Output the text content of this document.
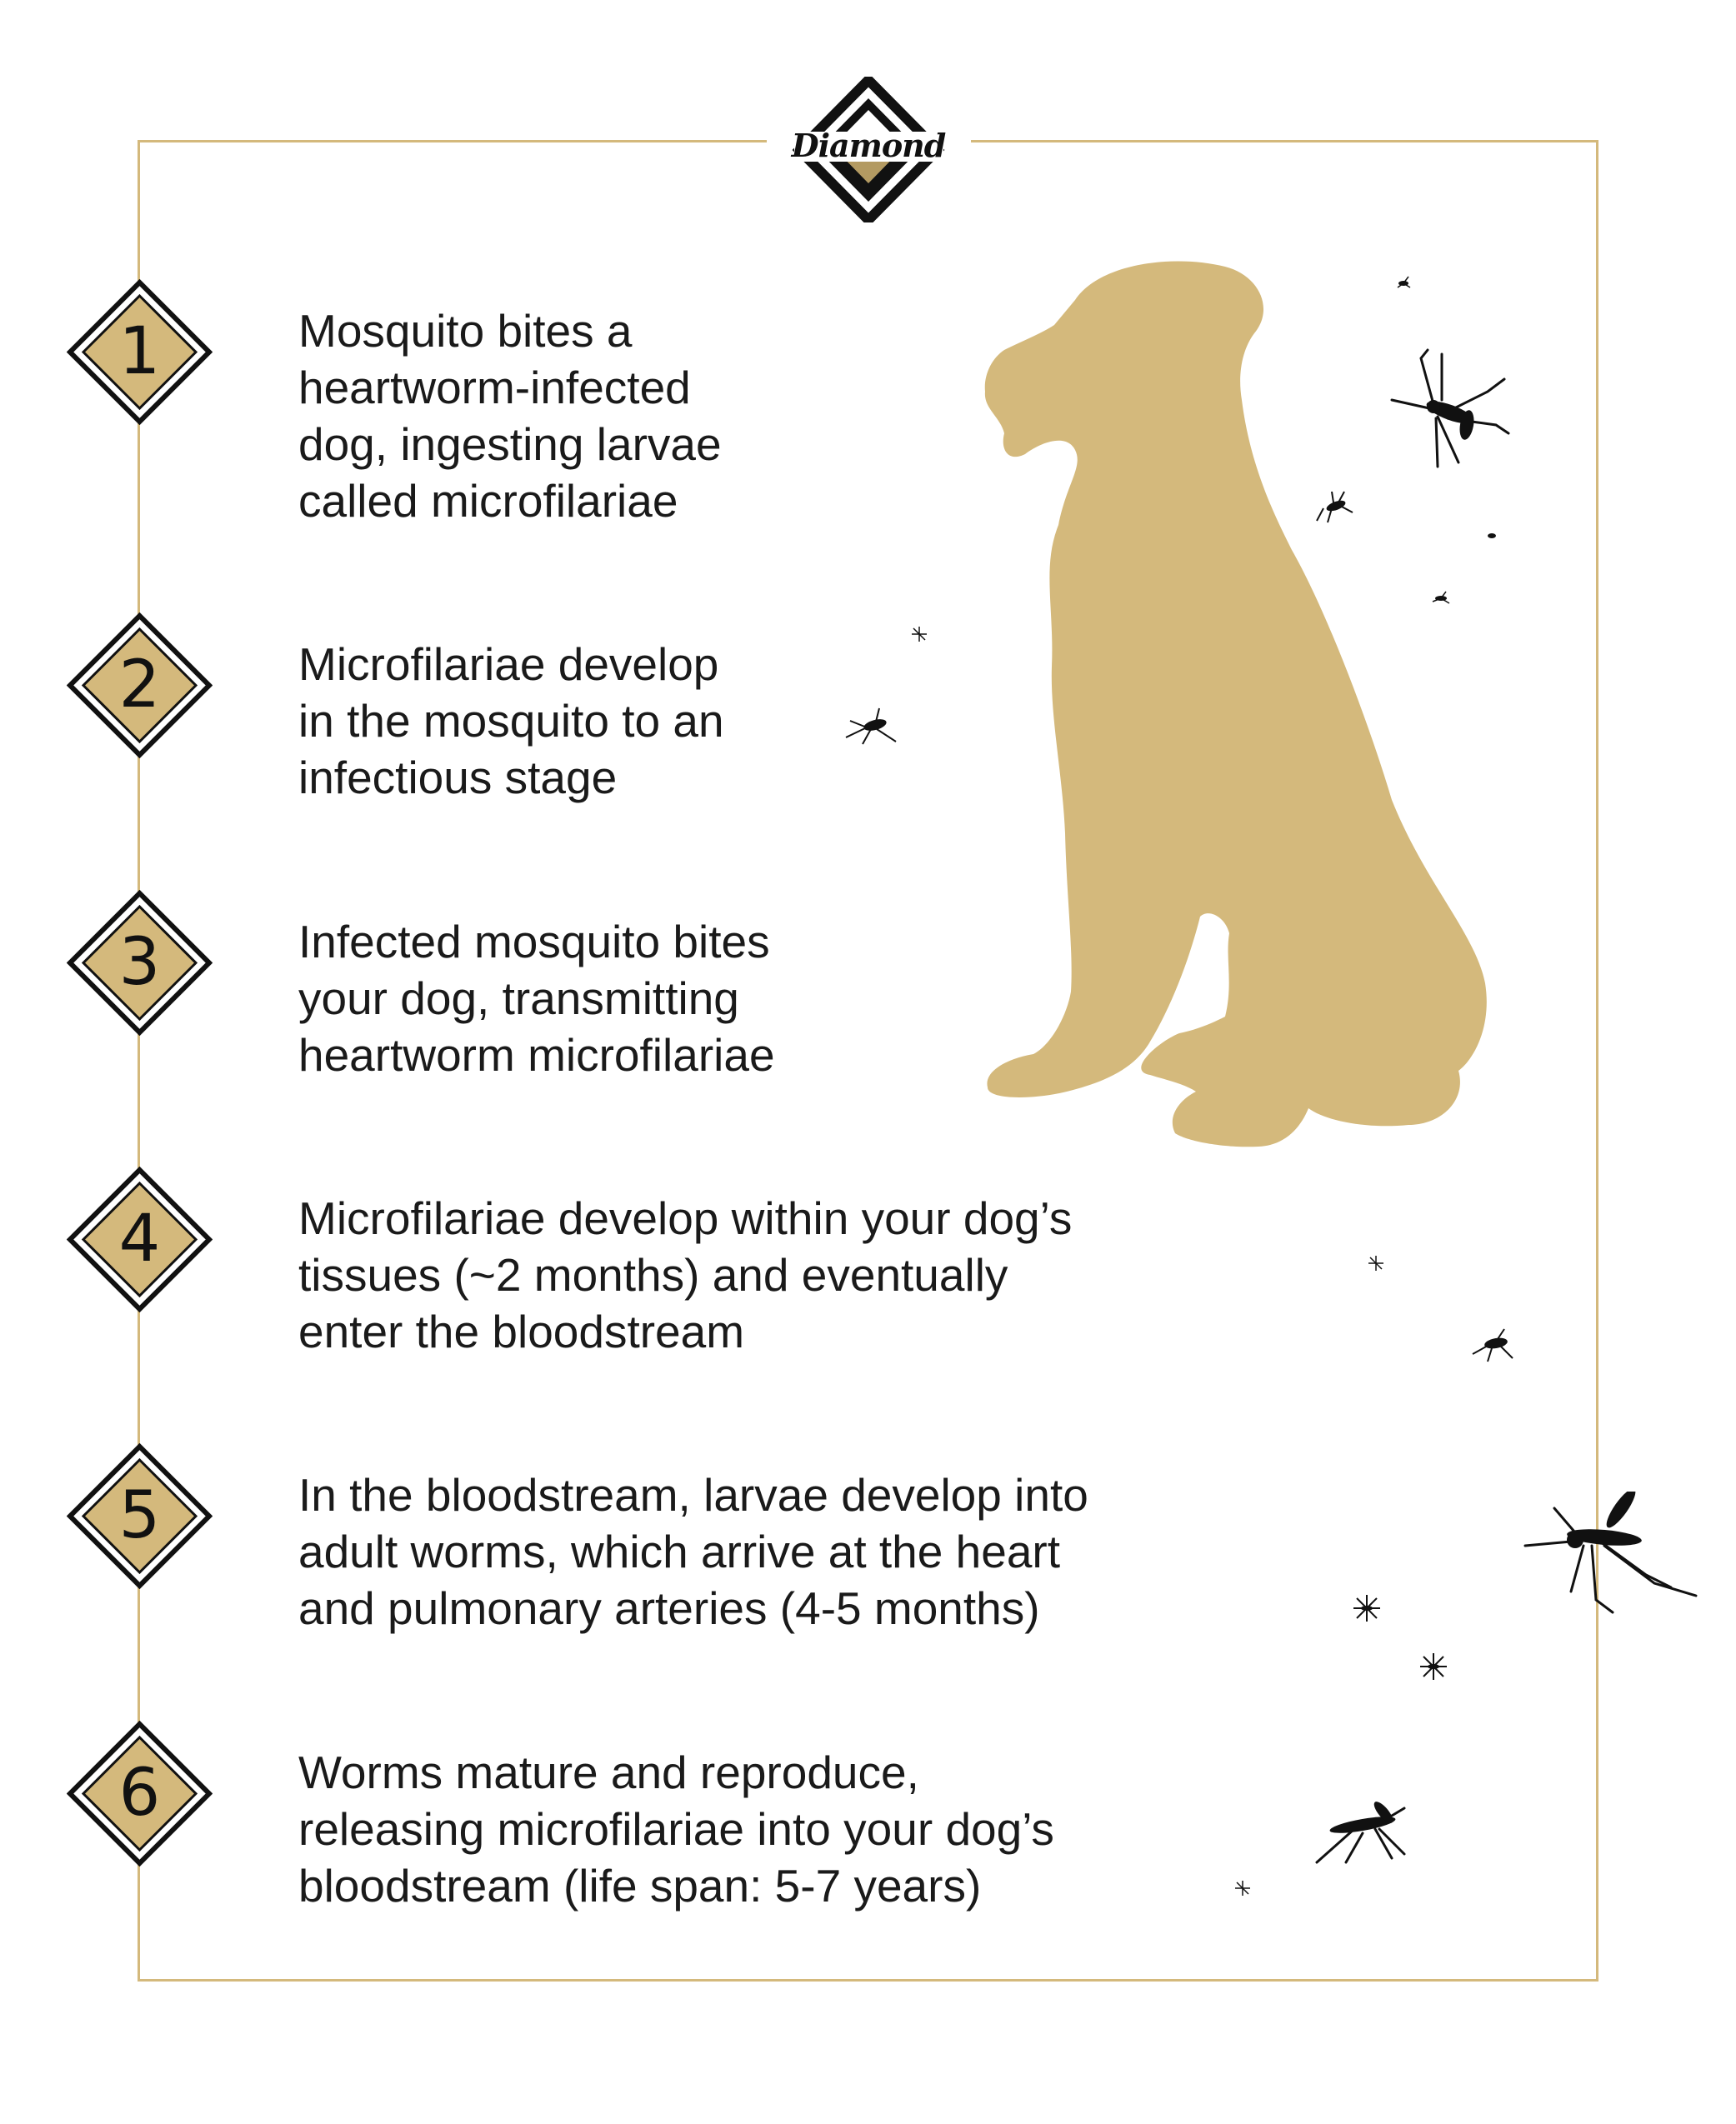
Diamond
1	Mosquito bites a
heartworm-infected
dog, ingesting larvae
called microfilariae
2	Microfilariae develop
in the mosquito to an
infectious stage
3	Infected mosquito bites
your dog, transmitting
heartworm microfilariae
4	Microfilariae develop within your dog’s
tissues (~2 months) and eventually
enter the bloodstream
5	In the bloodstream, larvae develop into
adult worms, which arrive at the heart
and pulmonary arteries (4-5 months)
6	Worms mature and reproduce,
releasing microfilariae into your dog’s
bloodstream (life span: 5-7 years)
